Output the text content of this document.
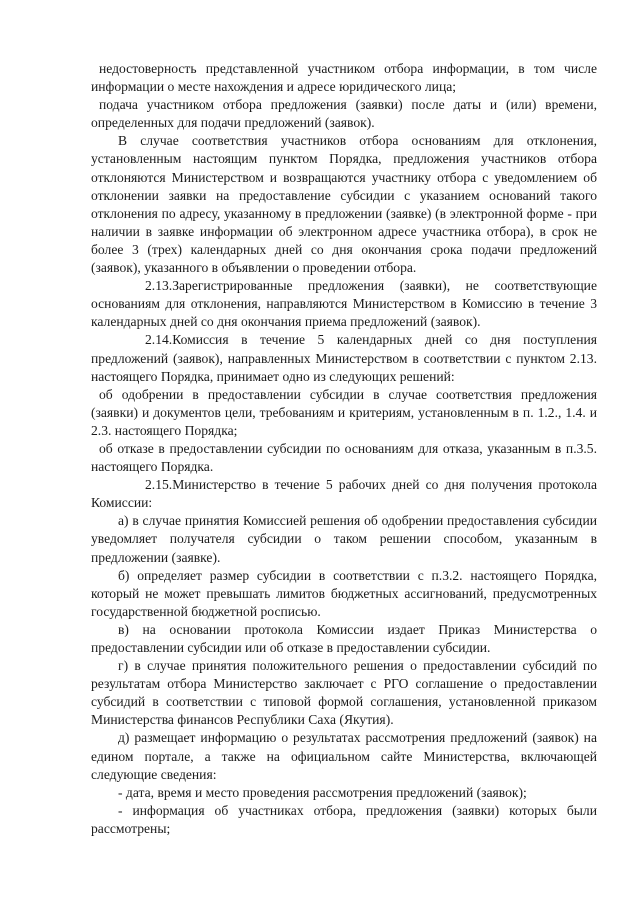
недостоверность представленной участником отбора информации, в том числе информации о месте нахождения и адресе юридического лица;

подача участником отбора предложения (заявки) после даты и (или) времени, определенных для подачи предложений (заявок).

В случае соответствия участников отбора основаниям для отклонения, установленным настоящим пунктом Порядка, предложения участников отбора отклоняются Министерством и возвращаются участнику отбора с уведомлением об отклонении заявки на предоставление субсидии с указанием оснований такого отклонения по адресу, указанному в предложении (заявке) (в электронной форме - при наличии в заявке информации об электронном адресе участника отбора), в срок не более 3 (трех) календарных дней со дня окончания срока подачи предложений (заявок), указанного в объявлении о проведении отбора.

2.13.Зарегистрированные предложения (заявки), не соответствующие основаниям для отклонения, направляются Министерством в Комиссию в течение 3 календарных дней со дня окончания приема предложений (заявок).

2.14.Комиссия в течение 5 календарных дней со дня поступления предложений (заявок), направленных Министерством в соответствии с пунктом 2.13. настоящего Порядка, принимает одно из следующих решений:

об одобрении в предоставлении субсидии в случае соответствия предложения (заявки) и документов цели, требованиям и критериям, установленным в п. 1.2., 1.4. и 2.3. настоящего Порядка;

об отказе в предоставлении субсидии по основаниям для отказа, указанным в п.3.5. настоящего Порядка.

2.15.Министерство в течение 5 рабочих дней со дня получения протокола Комиссии:

а) в случае принятия Комиссией решения об одобрении предоставления субсидии уведомляет получателя субсидии о таком решении способом, указанным в предложении (заявке).

б) определяет размер субсидии в соответствии с п.3.2. настоящего Порядка, который не может превышать лимитов бюджетных ассигнований, предусмотренных государственной бюджетной росписью.

в) на основании протокола Комиссии издает Приказ Министерства о предоставлении субсидии или об отказе в предоставлении субсидии.

г) в случае принятия положительного решения о предоставлении субсидий по результатам отбора Министерство заключает с РГО соглашение о предоставлении субсидий в соответствии с типовой формой соглашения, установленной приказом Министерства финансов Республики Саха (Якутия).

д) размещает информацию о результатах рассмотрения предложений (заявок) на едином портале, а также на официальном сайте Министерства, включающей следующие сведения:

- дата, время и место проведения рассмотрения предложений (заявок);

- информация об участниках отбора, предложения (заявки) которых были рассмотрены;
